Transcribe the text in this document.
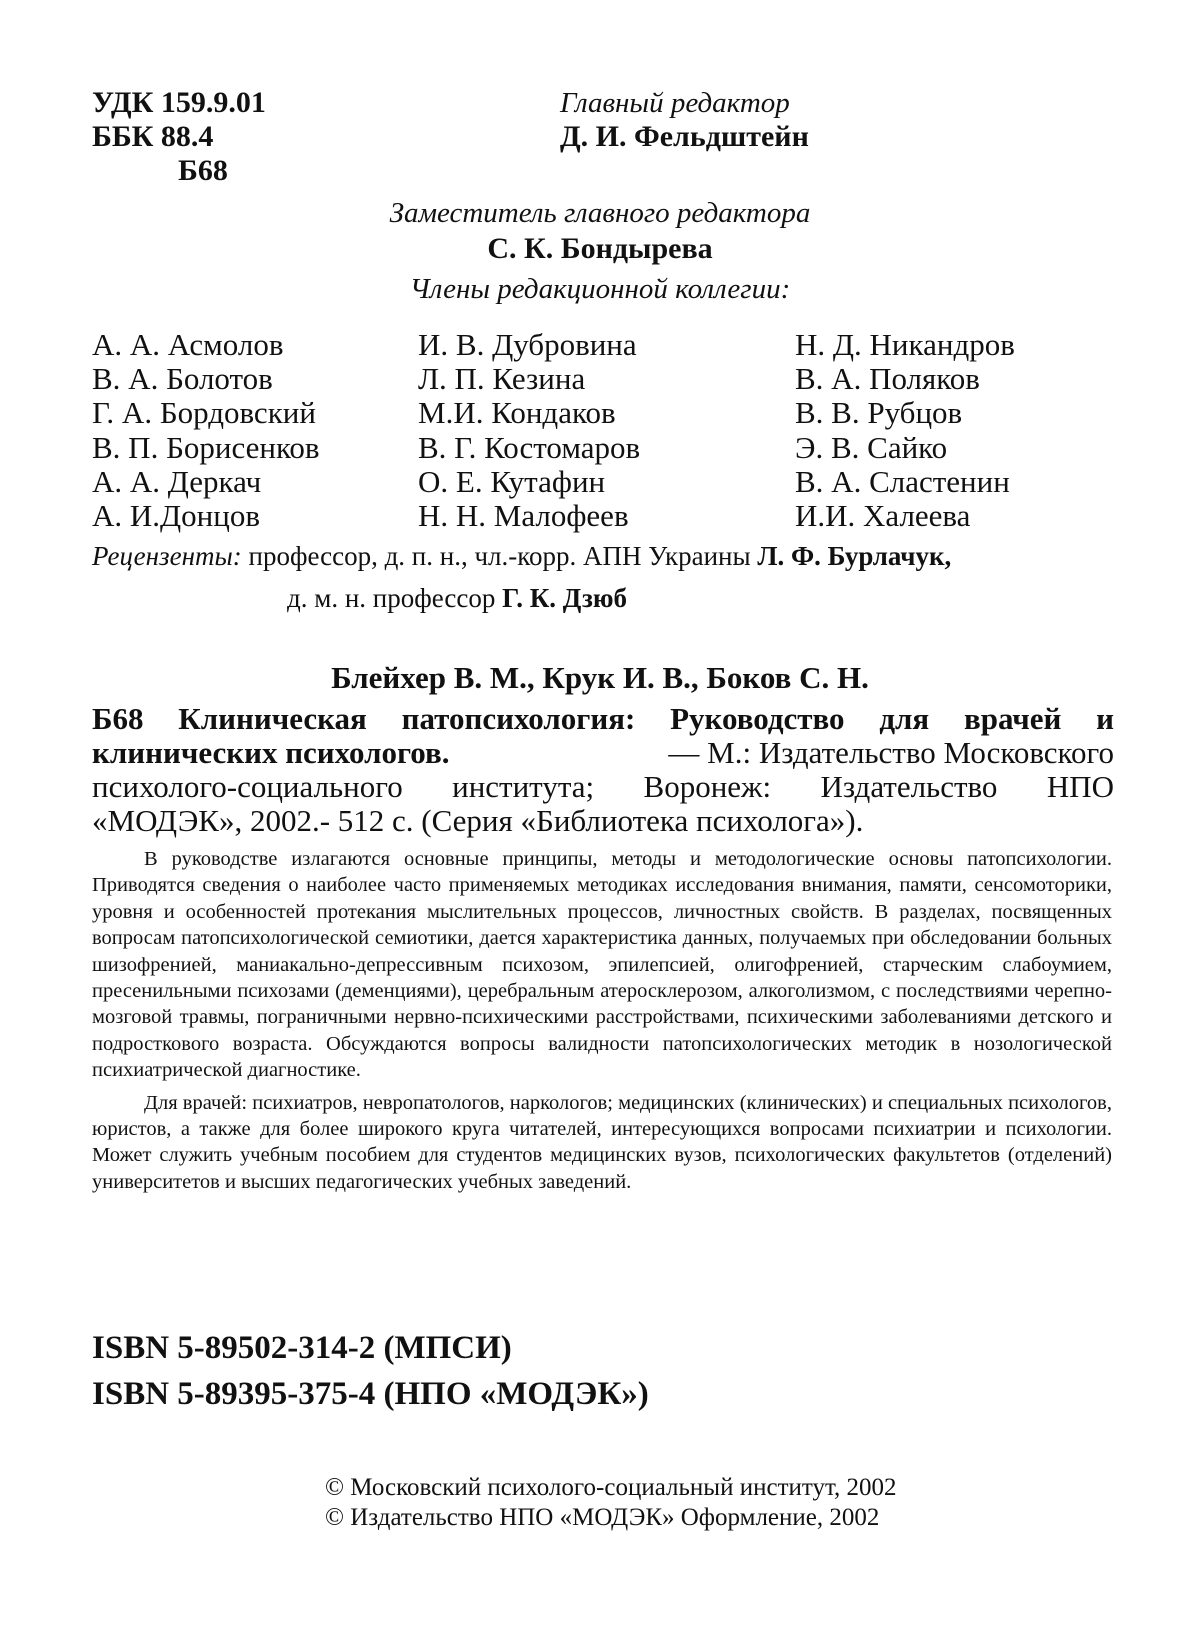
УДК 159.9.01
ББК 88.4
Б68
Главный редактор
Д. И. Фельдштейн
Заместитель главного редактора
С. К. Бондырева
Члены редакционной коллегии:
А. А. Асмолов
В. А. Болотов
Г. А. Бордовский
В. П. Борисенков
А. А. Деркач
А. И.Донцов
И. В. Дубровина
Л. П. Кезина
М.И. Кондаков
В. Г. Костомаров
О. Е. Кутафин
Н. Н. Малофеев
Н. Д. Никандров
В. А. Поляков
В. В. Рубцов
Э. В. Сайко
В. А. Сластенин
И.И. Халеева
Рецензенты: профессор, д. п. н., чл.-корр. АПН Украины Л. Ф. Бурлачук,
д. м. н. профессор Г. К. Дзюб
Блейхер В. М., Крук И. В., Боков С. Н.
Б68 Клиническая патопсихология: Руководство для врачей и
клинических психологов.	— М.: Издательство Московского
психолого-социального института; Воронеж: Издательство НПО
«МОДЭК», 2002.- 512 с. (Серия «Библиотека психолога»).

В руководстве излагаются основные принципы, методы и методологические основы патопсихологии. Приводятся сведения о наиболее часто применяемых методиках исследования внимания, памяти, сенсомоторики, уровня и особенностей протекания мыслительных процессов, личностных свойств. В разделах, посвященных вопросам патопсихологической семиотики, дается характеристика данных, получаемых при обследовании больных шизофренией, маниакально-депрессивным психозом, эпилепсией, олигофренией, старческим слабоумием, пресенильными психозами (деменциями), церебральным атеросклерозом, алкоголизмом, с последствиями черепно-мозговой травмы, пограничными нервно-психическими расстройствами, психическими заболеваниями детского и подросткового возраста. Обсуждаются вопросы валидности патопсихологических методик в нозологической психиатрической диагностике.

Для врачей: психиатров, невропатологов, наркологов; медицинских (клинических) и специальных психологов, юристов, а также для более широкого круга читателей, интересующихся вопросами психиатрии и психологии. Может служить учебным пособием для студентов медицинских вузов, психологических факультетов (отделений) университетов и высших педагогических учебных заведений.

ISBN 5-89502-314-2 (МПСИ)
ISBN 5-89395-375-4 (НПО «МОДЭК»)
© Московский психолого-социальный институт, 2002
© Издательство НПО «МОДЭК» Оформление, 2002
